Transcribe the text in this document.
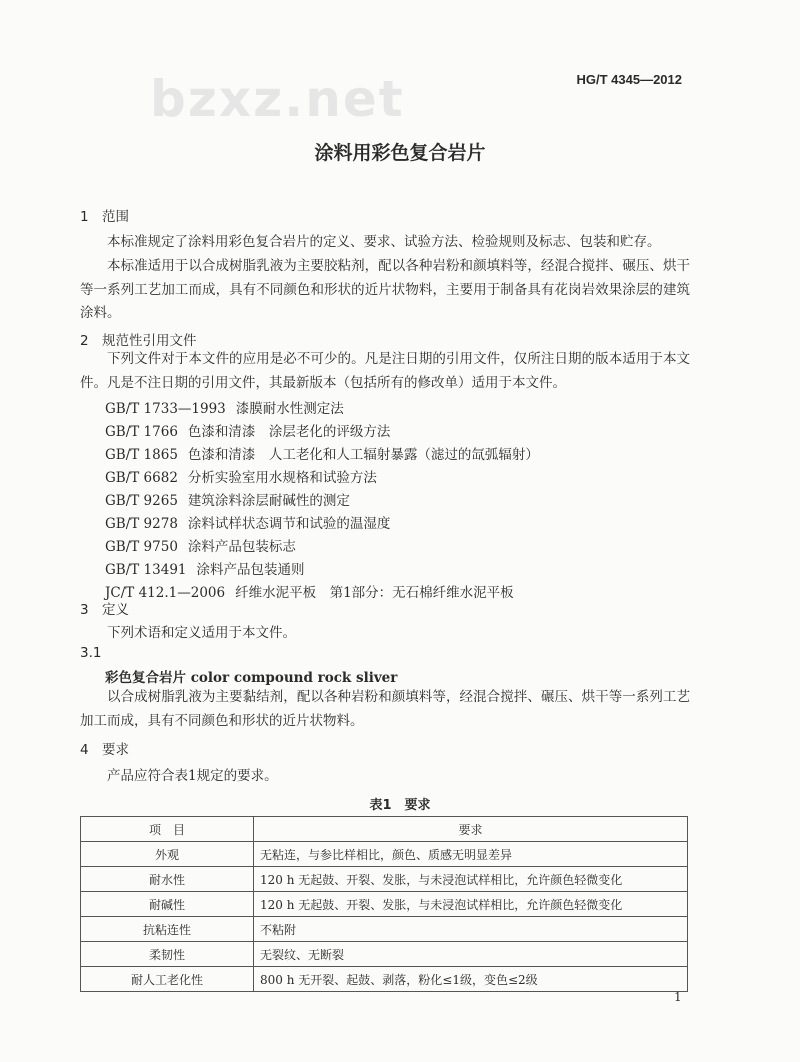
HG/T 4345—2012
bzxz.net
涂料用彩色复合岩片
1 范围
本标准规定了涂料用彩色复合岩片的定义、要求、试验方法、检验规则及标志、包装和贮存。
本标准适用于以合成树脂乳液为主要胶粘剂，配以各种岩粉和颜填料等，经混合搅拌、碾压、烘干等一系列工艺加工而成，具有不同颜色和形状的近片状物料，主要用于制备具有花岗岩效果涂层的建筑涂料。
2 规范性引用文件
下列文件对于本文件的应用是必不可少的。凡是注日期的引用文件，仅所注日期的版本适用于本文件。凡是不注日期的引用文件，其最新版本（包括所有的修改单）适用于本文件。
GB/T 1733—1993 漆膜耐水性测定法
GB/T 1766 色漆和清漆　涂层老化的评级方法
GB/T 1865 色漆和清漆　人工老化和人工辐射暴露（滤过的氙弧辐射）
GB/T 6682 分析实验室用水规格和试验方法
GB/T 9265 建筑涂料涂层耐碱性的测定
GB/T 9278 涂料试样状态调节和试验的温湿度
GB/T 9750 涂料产品包装标志
GB/T 13491 涂料产品包装通则
JC/T 412.1—2006 纤维水泥平板　第1部分：无石棉纤维水泥平板
3 定义
下列术语和定义适用于本文件。
3.1
彩色复合岩片 color compound rock sliver
以合成树脂乳液为主要黏结剂，配以各种岩粉和颜填料等，经混合搅拌、碾压、烘干等一系列工艺加工而成，具有不同颜色和形状的近片状物料。
4 要求
产品应符合表1规定的要求。
表1　要求
项　目	要求
外观	无粘连，与参比样相比，颜色、质感无明显差异
耐水性	120 h 无起鼓、开裂、发胀，与未浸泡试样相比，允许颜色轻微变化
耐碱性	120 h 无起鼓、开裂、发胀，与未浸泡试样相比，允许颜色轻微变化
抗粘连性	不粘附
柔韧性	无裂纹、无断裂
耐人工老化性	800 h 无开裂、起鼓、剥落，粉化≤1级，变色≤2级
1
